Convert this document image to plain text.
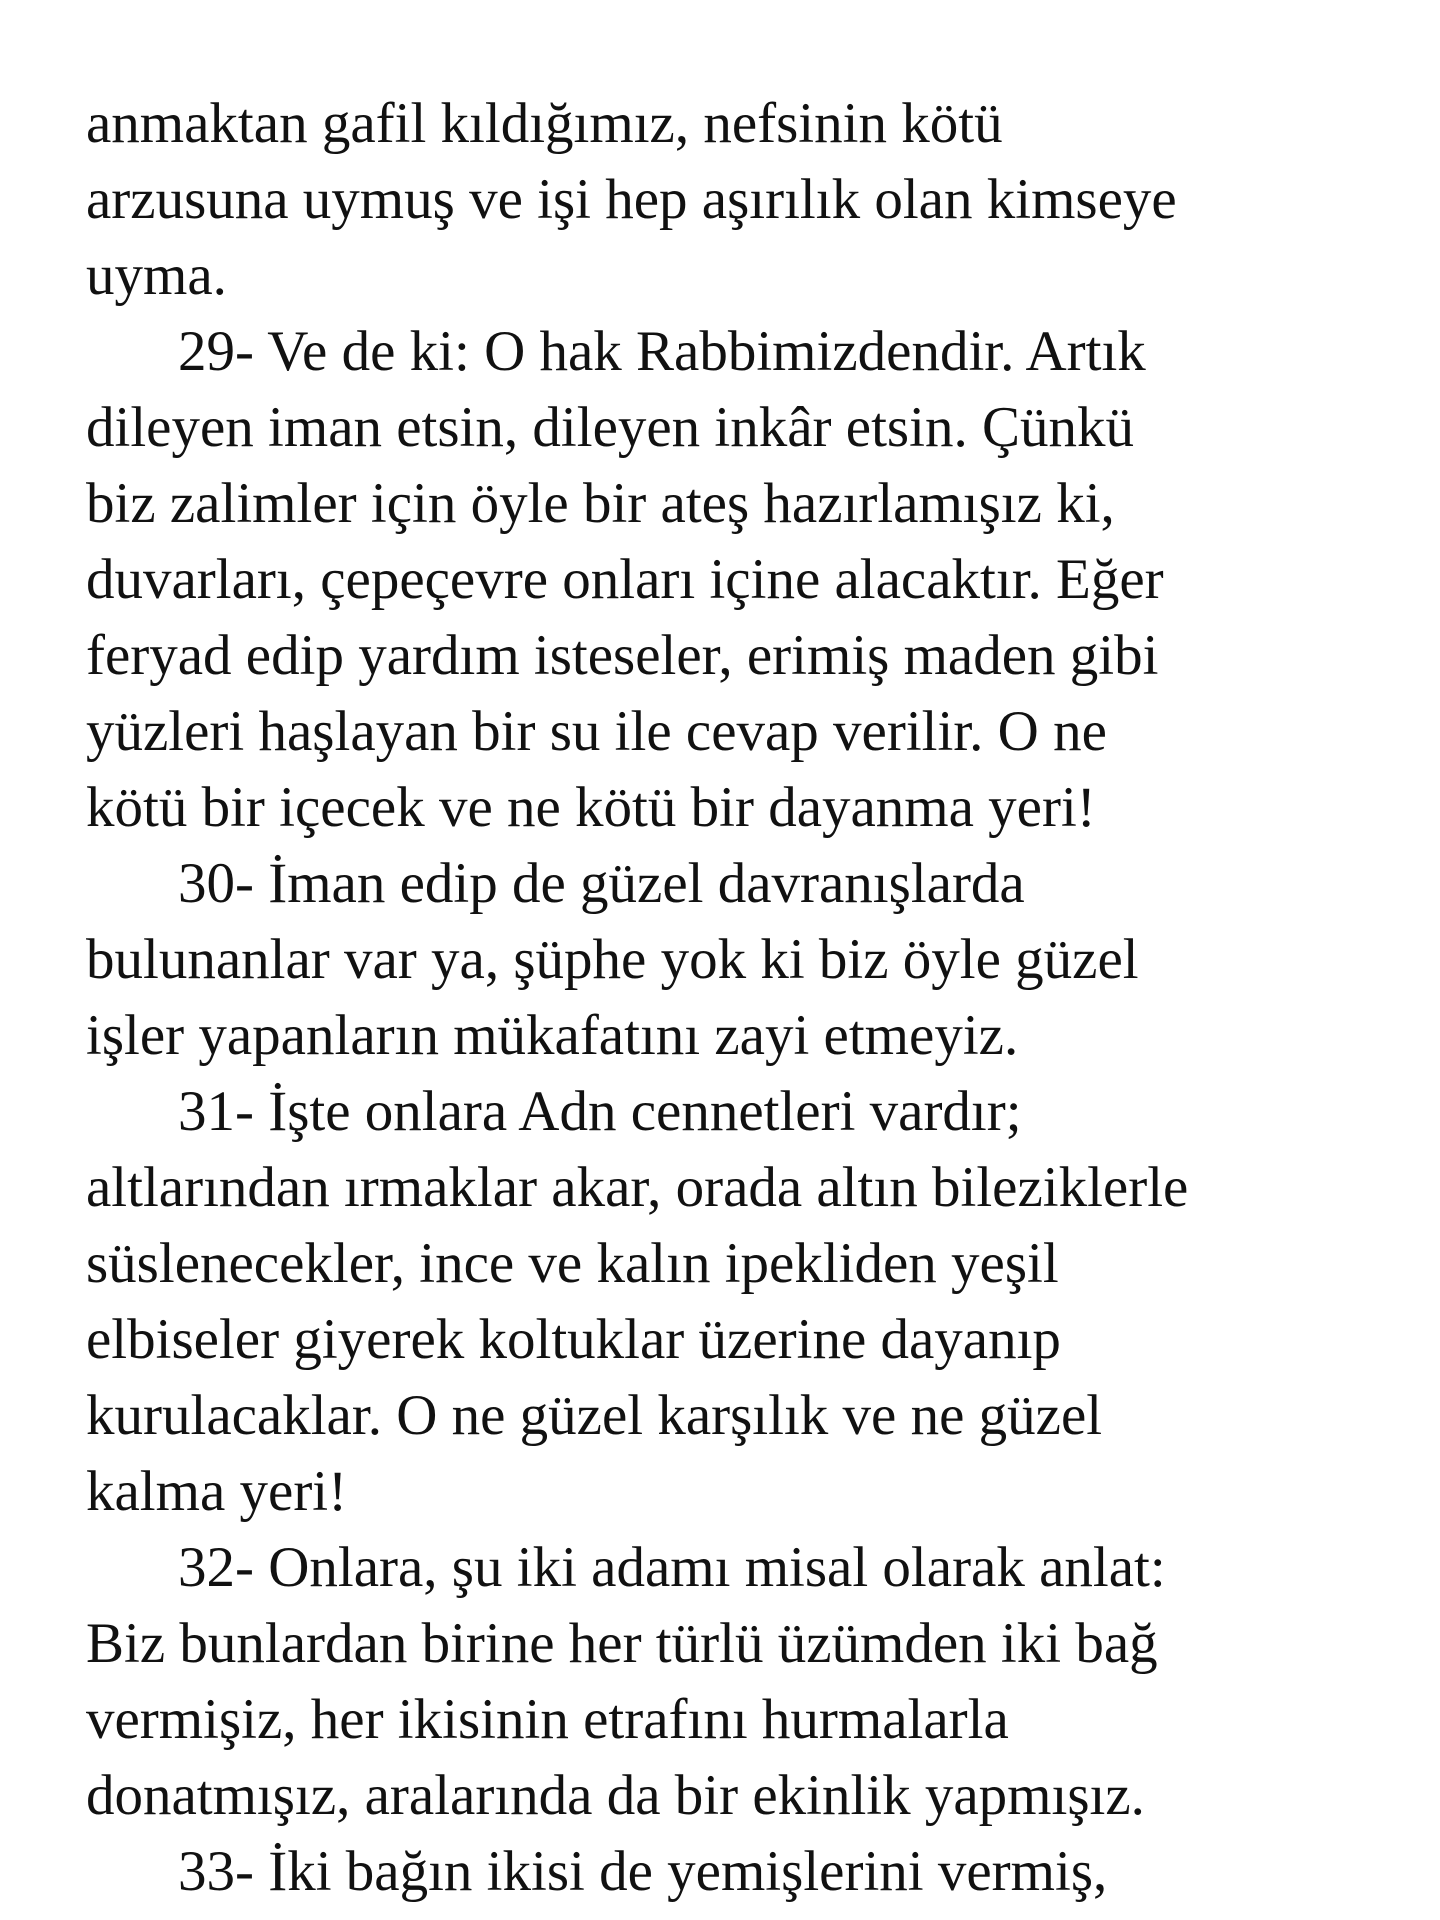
anmaktan gafil kıldığımız, nefsinin kötü
arzusuna uymuş ve işi hep aşırılık olan kimseye
uyma.
29- Ve de ki: O hak Rabbimizdendir. Artık
dileyen iman etsin, dileyen inkâr etsin. Çünkü
biz zalimler için öyle bir ateş hazırlamışız ki,
duvarları, çepeçevre onları içine alacaktır. Eğer
feryad edip yardım isteseler, erimiş maden gibi
yüzleri haşlayan bir su ile cevap verilir. O ne
kötü bir içecek ve ne kötü bir dayanma yeri!
30- İman edip de güzel davranışlarda
bulunanlar var ya, şüphe yok ki biz öyle güzel
işler yapanların mükafatını zayi etmeyiz.
31- İşte onlara Adn cennetleri vardır;
altlarından ırmaklar akar, orada altın bileziklerle
süslenecekler, ince ve kalın ipekliden yeşil
elbiseler giyerek koltuklar üzerine dayanıp
kurulacaklar. O ne güzel karşılık ve ne güzel
kalma yeri!
32- Onlara, şu iki adamı misal olarak anlat:
Biz bunlardan birine her türlü üzümden iki bağ
vermişiz, her ikisinin etrafını hurmalarla
donatmışız, aralarında da bir ekinlik yapmışız.
33- İki bağın ikisi de yemişlerini vermiş,
